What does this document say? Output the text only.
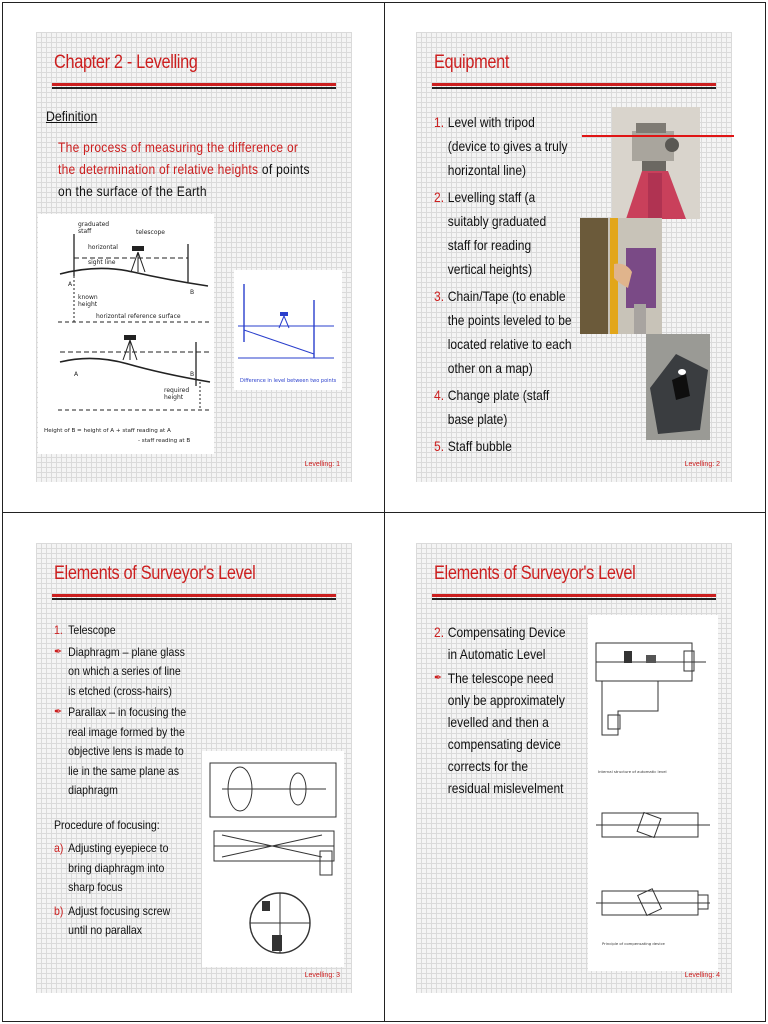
Chapter 2 - Levelling
Definition
The process of measuring the difference or the determination of relative heights of points on the surface of the Earth
graduated
staff	telescope
horizontal
sight line
A
B
known
height
horizontal reference surface
A	B
required
height
Height of B = height of A + staff reading at A
- staff reading at B
Difference in level between two points
Levelling: 1
Equipment
1. Level with tripod (device to gives a truly horizontal line)
2. Levelling staff (a suitably graduated staff for reading vertical heights)
3. Chain/Tape (to enable the points leveled to be located relative to each other on a map)
4. Change plate (staff base plate)
5. Staff bubble
Levelling: 2
Elements of Surveyor's Level
1. Telescope
✒ Diaphragm – plane glass on which a series of line is etched (cross-hairs)
✒ Parallax – in focusing the real image formed by the objective lens is made to lie in the same plane as diaphragm
Procedure of focusing:
a) Adjusting eyepiece to bring diaphragm into sharp focus
b) Adjust focusing screw until no parallax
Levelling: 3
Elements of Surveyor's Level
2. Compensating Device in Automatic Level
✒ The telescope need only be approximately levelled and then a compensating device corrects for the residual mislevelment
Internal structure of automatic level
Principle of compensating device
Levelling: 4
